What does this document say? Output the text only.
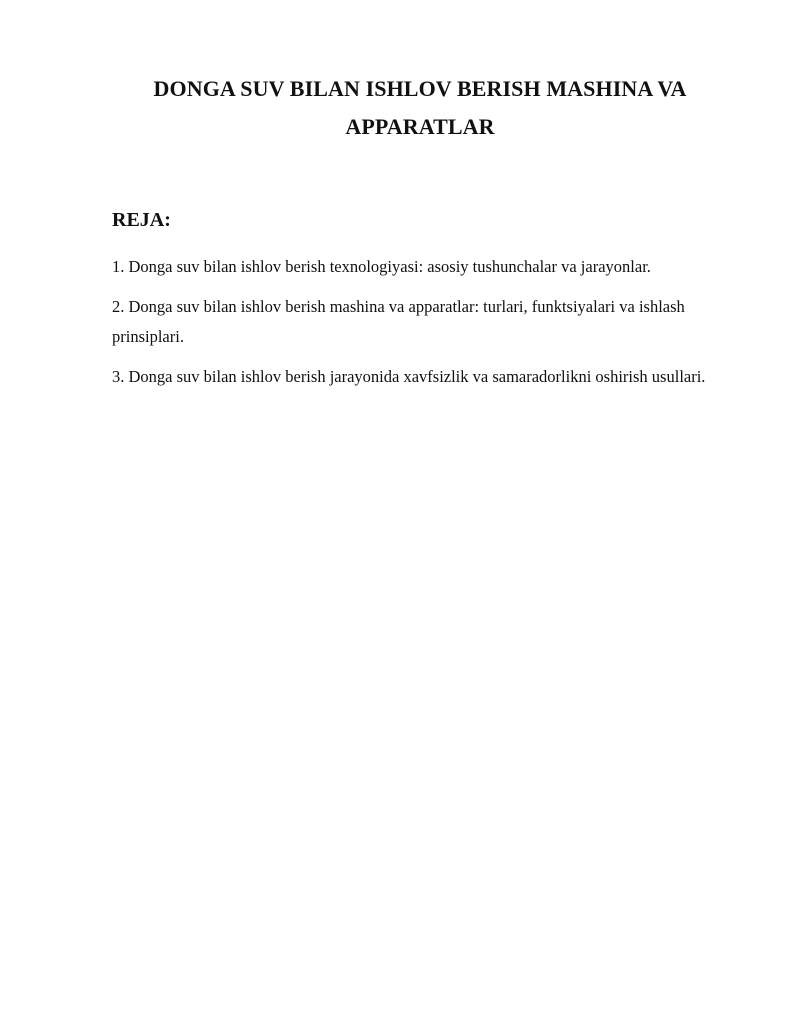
DONGA SUV BILAN ISHLOV BERISH MASHINA VA
APPARATLAR
REJA:
1. Donga suv bilan ishlov berish texnologiyasi: asosiy tushunchalar va jarayonlar.
2. Donga suv bilan ishlov berish mashina va apparatlar: turlari, funktsiyalari va ishlash prinsiplari.
3. Donga suv bilan ishlov berish jarayonida xavfsizlik va samaradorlikni oshirish usullari.
